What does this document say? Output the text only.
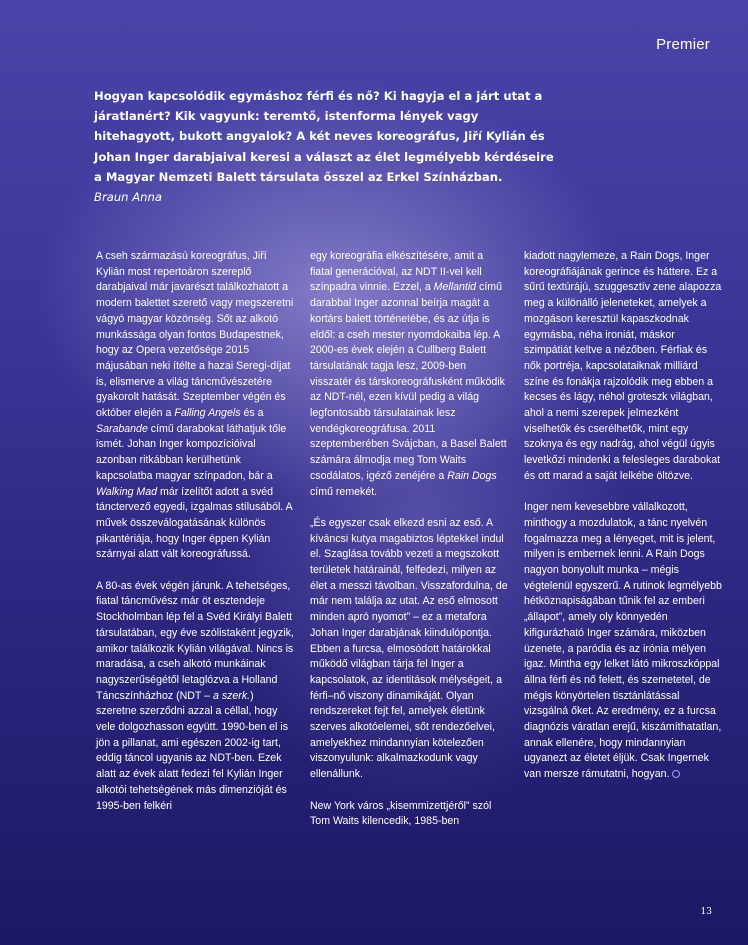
Premier
Hogyan kapcsolódik egymáshoz férfi és nő? Ki hagyja el a járt utat a járatlanért? Kik vagyunk: teremtő, istenforma lények vagy hitehagyott, bukott angyalok? A két neves koreográfus, Jiří Kylián és Johan Inger darabjaival keresi a választ az élet legmélyebb kérdéseire a Magyar Nemzeti Balett társulata ősszel az Erkel Színházban.
Braun Anna

A cseh származású koreográfus, Jiří Kylián most repertoáron szereplő darabjaival már javarészt találkozhatott a modern balettet szerető vagy megszeretni vágyó magyar közönség. Sőt az alkotó munkássága olyan fontos Budapestnek, hogy az Opera vezetősége 2015 májusában neki ítélte a hazai Seregi-díjat is, elismerve a világ táncművészetére gyakorolt hatását. Szeptember végén és október elején a Falling Angels és a Sarabande című darabokat láthatjuk tőle ismét. Johan Inger kompozícióival azonban ritkábban kerülhetünk kapcsolatba magyar színpadon, bár a Walking Mad már ízelítőt adott a svéd tánctervező egyedi, izgalmas stílusából. A művek összeválogatásának különös pikantériája, hogy Inger éppen Kylián szárnyai alatt vált koreográfussá.

A 80-as évek végén járunk. A tehetséges, fiatal táncművész már öt esztendeje Stockholmban lép fel a Svéd Királyi Balett társulatában, egy éve szólistaként jegyzik, amikor találkozik Kylián világával. Nincs is maradása, a cseh alkotó munkáinak nagyszerűségétől letaglózva a Holland Táncszínházhoz (NDT – a szerk.) szeretne szerződni azzal a céllal, hogy vele dolgozhasson együtt. 1990-ben el is jön a pillanat, ami egészen 2002-ig tart, eddig táncol ugyanis az NDT-ben. Ezek alatt az évek alatt fedezi fel Kylián Inger alkotói tehetségének más dimenzióját és 1995-ben felkéri

egy koreográfia elkészítésére, amit a fiatal generációval, az NDT II-vel kell színpadra vinnie. Ezzel, a Mellantid című darabbal Inger azonnal beírja magát a kortárs balett történetébe, és az útja is eldől: a cseh mester nyomdokaiba lép. A 2000-es évek elején a Cullberg Balett társulatának tagja lesz, 2009-ben visszatér és társkoreográfusként működik az NDT-nél, ezen kívül pedig a világ legfontosabb társulatainak lesz vendégkoreográfusa. 2011 szeptemberében Svájcban, a Basel Balett számára álmodja meg Tom Waits csodálatos, igéző zenéjére a Rain Dogs című remekét.

„És egyszer csak elkezd esni az eső. A kíváncsi kutya magabiztos léptekkel indul el. Szaglása tovább vezeti a megszokott területek határainál, felfedezi, milyen az élet a messzi távolban. Visszafordulna, de már nem találja az utat. Az eső elmosott minden apró nyomot” – ez a metafora Johan Inger darabjának kiindulópontja. Ebben a furcsa, elmosódott határokkal működő világban tárja fel Inger a kapcsolatok, az identitások mélységeit, a férfi–nő viszony dinamikáját. Olyan rendszereket fejt fel, amelyek életünk szerves alkotóelemei, sőt rendezőelvei, amelyekhez mindannyian kötelezően viszonyulunk: alkalmazkodunk vagy ellenállunk.

New York város „kisemmizettjéről” szól Tom Waits kilencedik, 1985-ben

kiadott nagylemeze, a Rain Dogs, Inger koreográfiájának gerince és háttere. Ez a sűrű textúrájú, szuggesztív zene alapozza meg a különálló jeleneteket, amelyek a mozgáson keresztül kapaszkodnak egymásba, néha ironiát, máskor szimpátiát keltve a nézőben. Férfiak és nők portréja, kapcsolataiknak milliárd színe és fonákja rajzolódik meg ebben a kecses és lágy, néhol groteszk világban, ahol a nemi szerepek jelmezként viselhetők és cserélhetők, mint egy szoknya és egy nadrág, ahol végül úgyis levetkőzi mindenki a felesleges darabokat és ott marad a saját lelkébe öltözve.

Inger nem kevesebbre vállalkozott, minthogy a mozdulatok, a tánc nyelvén fogalmazza meg a lényeget, mit is jelent, milyen is embernek lenni. A Rain Dogs nagyon bonyolult munka – mégis végtelenül egyszerű. A rutinok legmélyebb hétköznapiságában tűnik fel az emberi „állapot”, amely oly könnyedén kifigurázható Inger számára, miközben üzenete, a paródia és az irónia mélyen igaz. Mintha egy lelket látó mikroszkóppal állna férfi és nő felett, és szemetetel, de mégis könyörtelen tisztánlátással vizsgálná őket. Az eredmény, ez a furcsa diagnózis váratlan erejű, kiszámíthatatlan, annak ellenére, hogy mindannyian ugyanezt az életet éljük. Csak Ingernek van mersze rámutatni, hogyan.

13
